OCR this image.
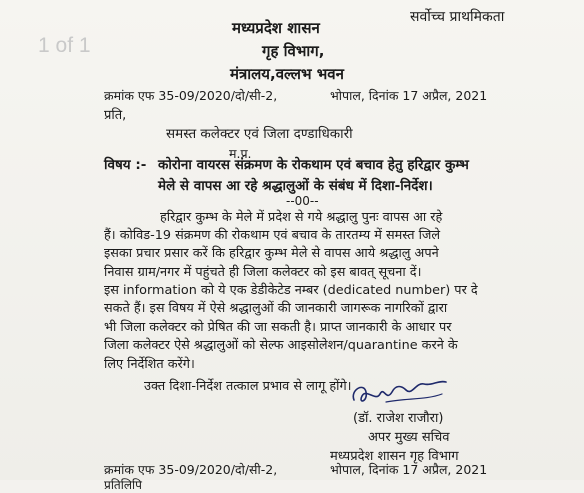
1 of 1
सर्वोच्च प्राथमिकता
मध्यप्रदेश शासन
गृह विभाग,
मंत्रालय,वल्लभ भवन
क्रमांक एफ 35-09/2020/दो/सी-2,	भोपाल, दिनांक 17 अप्रैल, 2021
प्रति,
समस्त कलेक्टर एवं जिला दण्डाधिकारी
म.प्र.
विषय :- कोरोना वायरस संक्रमण के रोकथाम एवं बचाव हेतु हरिद्वार कुम्भ
मेले से वापस आ रहे श्रद्धालुओं के संबंध में दिशा-निर्देश।
--00--
हरिद्वार कुम्भ के मेले में प्रदेश से गये श्रद्धालु पुनः वापस आ रहे
हैं। कोविड-19 संक्रमण की रोकथाम एवं बचाव के तारतम्य में समस्त जिले
इसका प्रचार प्रसार करें कि हरिद्वार कुम्भ मेले से वापस आये श्रद्धालु अपने
निवास ग्राम/नगर में पहुंचते ही जिला कलेक्टर को इस बावत् सूचना दें।
इस information को ये एक डेडीकेटेड नम्बर (dedicated number) पर दे
सकते हैं। इस विषय में ऐसे श्रद्धालुओं की जानकारी जागरूक नागरिकों द्वारा
भी जिला कलेक्टर को प्रेषित की जा सकती है। प्राप्त जानकारी के आधार पर
जिला कलेक्टर ऐसे श्रद्धालुओं को सेल्फ आइसोलेशन/quarantine करने के
लिए निर्देशित करेंगे।
उक्त दिशा-निर्देश तत्काल प्रभाव से लागू होंगे।
(डॉ. राजेश राजौरा)
अपर मुख्य सचिव
मध्यप्रदेश शासन गृह विभाग
क्रमांक एफ 35-09/2020/दो/सी-2,	भोपाल, दिनांक 17 अप्रैल, 2021
प्रतिलिपि
